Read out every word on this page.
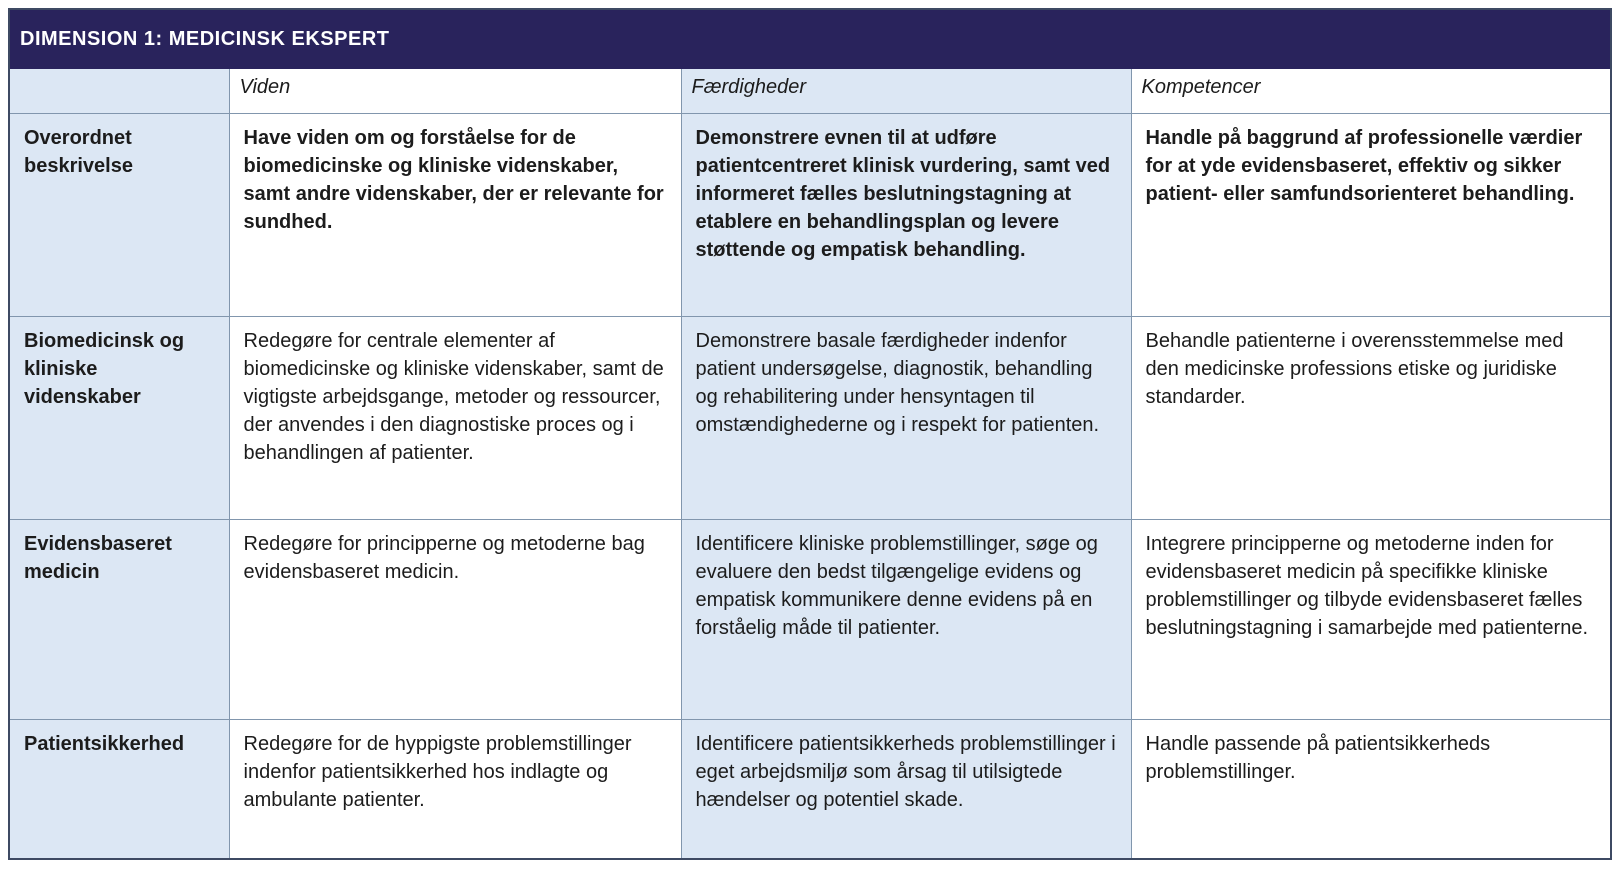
DIMENSION 1: MEDICINSK EKSPERT			
	Viden	Færdigheder	Kompetencer
Overordnet beskrivelse	Have viden om og forståelse for de biomedicinske og kliniske videnskaber, samt andre videnskaber, der er relevante for sundhed.	Demonstrere evnen til at udføre patientcentreret klinisk vurdering, samt ved informeret fælles beslutningstagning at etablere en behandlingsplan og levere støttende og empatisk behandling.	Handle på baggrund af professionelle værdier for at yde evidensbaseret, effektiv og sikker patient- eller samfundsorienteret behandling.
Biomedicinsk og kliniske videnskaber	Redegøre for centrale elementer af biomedicinske og kliniske videnskaber, samt de vigtigste arbejdsgange, metoder og ressourcer, der anvendes i den diagnostiske proces og i behandlingen af patienter.	Demonstrere basale færdigheder indenfor patient undersøgelse, diagnostik, behandling og rehabilitering under hensyntagen til omstændighederne og i respekt for patienten.	Behandle patienterne i overensstemmelse med den medicinske professions etiske og juridiske standarder.
Evidensbaseret medicin	Redegøre for principperne og metoderne bag evidensbaseret medicin.	Identificere kliniske problemstillinger, søge og evaluere den bedst tilgængelige evidens og empatisk kommunikere denne evidens på en forståelig måde til patienter.	Integrere principperne og metoderne inden for evidensbaseret medicin på specifikke kliniske problemstillinger og tilbyde evidensbaseret fælles beslutningstagning i samarbejde med patienterne.
Patientsikkerhed	Redegøre for de hyppigste problemstillinger indenfor patientsikkerhed hos indlagte og ambulante patienter.	Identificere patientsikkerheds problemstillinger i eget arbejdsmiljø som årsag til utilsigtede hændelser og potentiel skade.	Handle passende på patientsikkerheds problemstillinger.
